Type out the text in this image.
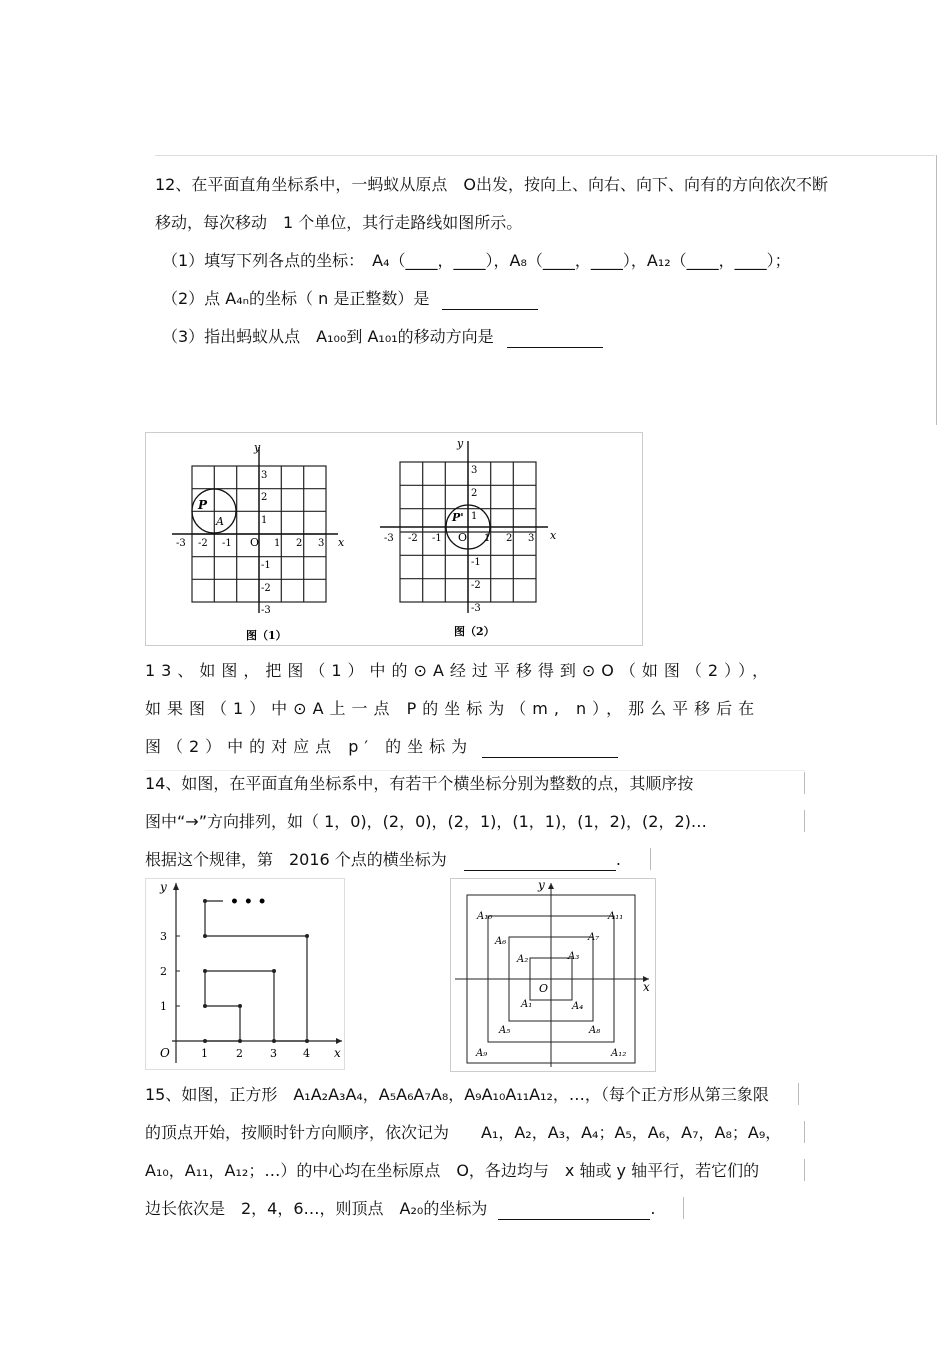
12、在平面直角坐标系中，一蚂蚁从原点　O出发，按向上、向右、向下、向有的方向依次不断
移动，每次移动　1 个单位，其行走路线如图所示。
（1）填写下列各点的坐标：　A₄（____，____），A₈（____，____），A₁₂（____，____）；
（2）点 A₄ₙ的坐标（ n 是正整数）是
（3）指出蚂蚁从点　A₁₀₀到 A₁₀₁的移动方向是
y
x
O
P
A
-3 -2 -1	1 2 3
3
2
1
-1
-2
-3
图（1）
y
x
O
P'
-3 -2 -1	1 2 3
3
2
1
-1
-2
-3
图（2）
13、如图，把图（1）中的⊙A经过平移得到⊙O（如图（2）），
如果图（1）中⊙A上一点 P的坐标为（m, n），那么平移后在
图（2）中的对应点 p′ 的坐标为
14、如图，在平面直角坐标系中，有若干个横坐标分别为整数的点，其顺序按
图中“→”方向排列，如（ 1，0)，(2，0)，(2，1)，(1，1)，(1，2)，(2，2)…
根据这个规律，第　2016 个点的横坐标为	.
• • •
y
x
O	1	2 3 4
1
2
3
y
x
O
A₁
A₂	A₃
A₄
A₅
A₆	A₇
A₈
A₉
A₁₀	A₁₁
A₁₂
15、如图，正方形　A₁A₂A₃A₄，A₅A₆A₇A₈，A₉A₁₀A₁₁A₁₂，…，（每个正方形从第三象限
的顶点开始，按顺时针方向顺序，依次记为　　A₁，A₂，A₃，A₄；A₅，A₆，A₇，A₈；A₉，
A₁₀，A₁₁，A₁₂；…）的中心均在坐标原点　O，各边均与　x 轴或 y 轴平行，若它们的
边长依次是　2，4，6…，则顶点　A₂₀的坐标为	.
